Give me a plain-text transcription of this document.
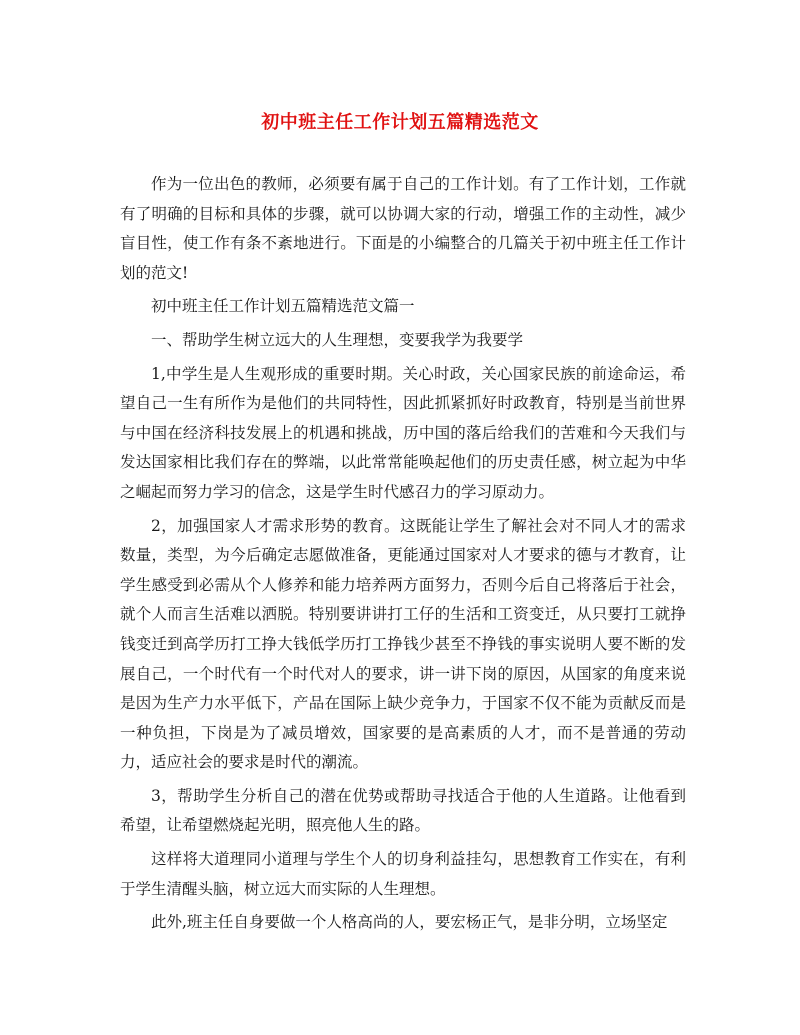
初中班主任工作计划五篇精选范文

作为一位出色的教师，必须要有属于自己的工作计划。有了工作计划，工作就有了明确的目标和具体的步骤，就可以协调大家的行动，增强工作的主动性，减少盲目性，使工作有条不紊地进行。下面是的小编整合的几篇关于初中班主任工作计划的范文!

初中班主任工作计划五篇精选范文篇一

一、帮助学生树立远大的人生理想，变要我学为我要学

1,中学生是人生观形成的重要时期。关心时政，关心国家民族的前途命运，希望自己一生有所作为是他们的共同特性，因此抓紧抓好时政教育，特别是当前世界与中国在经济科技发展上的机遇和挑战，历中国的落后给我们的苦难和今天我们与发达国家相比我们存在的弊端，以此常常能唤起他们的历史责任感，树立起为中华之崛起而努力学习的信念，这是学生时代感召力的学习原动力。

2，加强国家人才需求形势的教育。这既能让学生了解社会对不同人才的需求数量，类型，为今后确定志愿做准备，更能通过国家对人才要求的德与才教育，让学生感受到必需从个人修养和能力培养两方面努力，否则今后自己将落后于社会，就个人而言生活难以洒脱。特别要讲讲打工仔的生活和工资变迁，从只要打工就挣钱变迁到高学历打工挣大钱低学历打工挣钱少甚至不挣钱的事实说明人要不断的发展自己，一个时代有一个时代对人的要求，讲一讲下岗的原因，从国家的角度来说是因为生产力水平低下，产品在国际上缺少竞争力，于国家不仅不能为贡献反而是一种负担，下岗是为了减员增效，国家要的是高素质的人才，而不是普通的劳动力，适应社会的要求是时代的潮流。

3，帮助学生分析自己的潜在优势或帮助寻找适合于他的人生道路。让他看到希望，让希望燃烧起光明，照亮他人生的路。

这样将大道理同小道理与学生个人的切身利益挂勾，思想教育工作实在，有利于学生清醒头脑，树立远大而实际的人生理想。

此外,班主任自身要做一个人格高尚的人，要宏杨正气，是非分明，立场坚定
